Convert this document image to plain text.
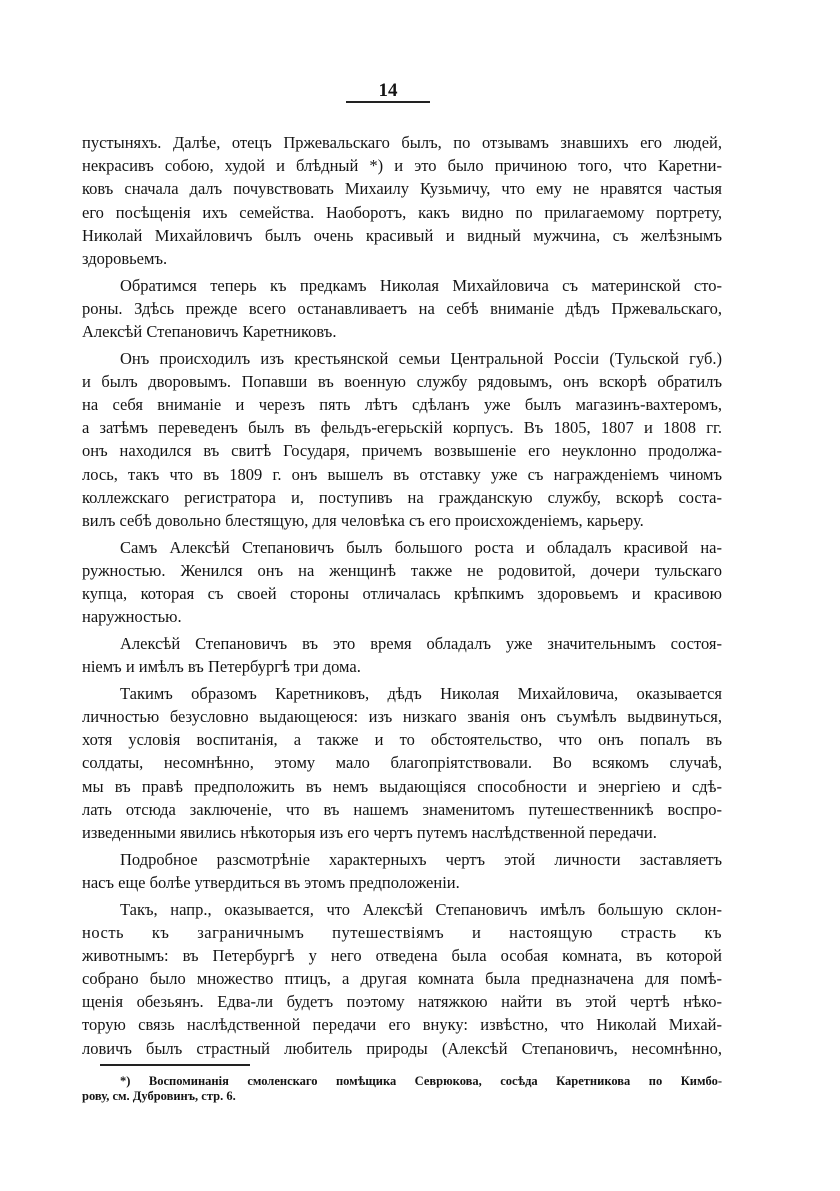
14
пустыняхъ. Далѣе, отецъ Пржевальскаго былъ, по отзывамъ знавшихъ его людей,
некрасивъ собою, худой и блѣдный *) и это было причиною того, что Каретни-
ковъ сначала далъ почувствовать Михаилу Кузьмичу, что ему не нравятся частыя
его посѣщенія ихъ семейства. Наоборотъ, какъ видно по прилагаемому портрету,
Николай Михайловичъ былъ очень красивый и видный мужчина, съ желѣзнымъ
здоровьемъ.
Обратимся теперь къ предкамъ Николая Михайловича съ материнской сто-
роны. Здѣсь прежде всего останавливаетъ на себѣ вниманіе дѣдъ Пржевальскаго,
Алексѣй Степановичъ Каретниковъ.
Онъ происходилъ изъ крестьянской семьи Центральной Россіи (Тульской губ.)
и былъ дворовымъ. Попавши въ военную службу рядовымъ, онъ вскорѣ обратилъ
на себя вниманіе и черезъ пять лѣтъ сдѣланъ уже былъ магазинъ-вахтеромъ,
а затѣмъ переведенъ былъ въ фельдъ-егерьскій корпусъ. Въ 1805, 1807 и 1808 гг.
онъ находился въ свитѣ Государя, причемъ возвышеніе его неуклонно продолжа-
лось, такъ что въ 1809 г. онъ вышелъ въ отставку уже съ награжденіемъ чиномъ
коллежскаго регистратора и, поступивъ на гражданскую службу, вскорѣ соста-
вилъ себѣ довольно блестящую, для человѣка съ его происхожденіемъ, карьеру.
Самъ Алексѣй Степановичъ былъ большого роста и обладалъ красивой на-
ружностью. Женился онъ на женщинѣ также не родовитой, дочери тульскаго
купца, которая съ своей стороны отличалась крѣпкимъ здоровьемъ и красивою
наружностью.
Алексѣй Степановичъ въ это время обладалъ уже значительнымъ состоя-
ніемъ и имѣлъ въ Петербургѣ три дома.
Такимъ образомъ Каретниковъ, дѣдъ Николая Михайловича, оказывается
личностью безусловно выдающеюся: изъ низкаго званія онъ съумѣлъ выдвинуться,
хотя условія воспитанія, а также и то обстоятельство, что онъ попалъ въ
солдаты, несомнѣнно, этому мало благопріятствовали. Во всякомъ случаѣ,
мы въ правѣ предположить въ немъ выдающіяся способности и энергіею и сдѣ-
лать отсюда заключеніе, что въ нашемъ знаменитомъ путешественникѣ воспро-
изведенными явились нѣкоторыя изъ его чертъ путемъ наслѣдственной передачи.
Подробное разсмотрѣніе характерныхъ чертъ этой личности заставляетъ
насъ еще болѣе утвердиться въ этомъ предположеніи.
Такъ, напр., оказывается, что Алексѣй Степановичъ имѣлъ большую склон-
ность къ заграничнымъ путешествіямъ и настоящую страсть къ
животнымъ: въ Петербургѣ у него отведена была особая комната, въ которой
собрано было множество птицъ, а другая комната была предназначена для помѣ-
щенія обезьянъ. Едва-ли будетъ поэтому натяжкою найти въ этой чертѣ нѣко-
торую связь наслѣдственной передачи его внуку: извѣстно, что Николай Михай-
ловичъ былъ страстный любитель природы (Алексѣй Степановичъ, несомнѣнно,
*) Воспоминанія смоленскаго помѣщика Севрюкова, сосѣда Каретникова по Кимбо-
рову, см. Дубровинъ, стр. 6.
